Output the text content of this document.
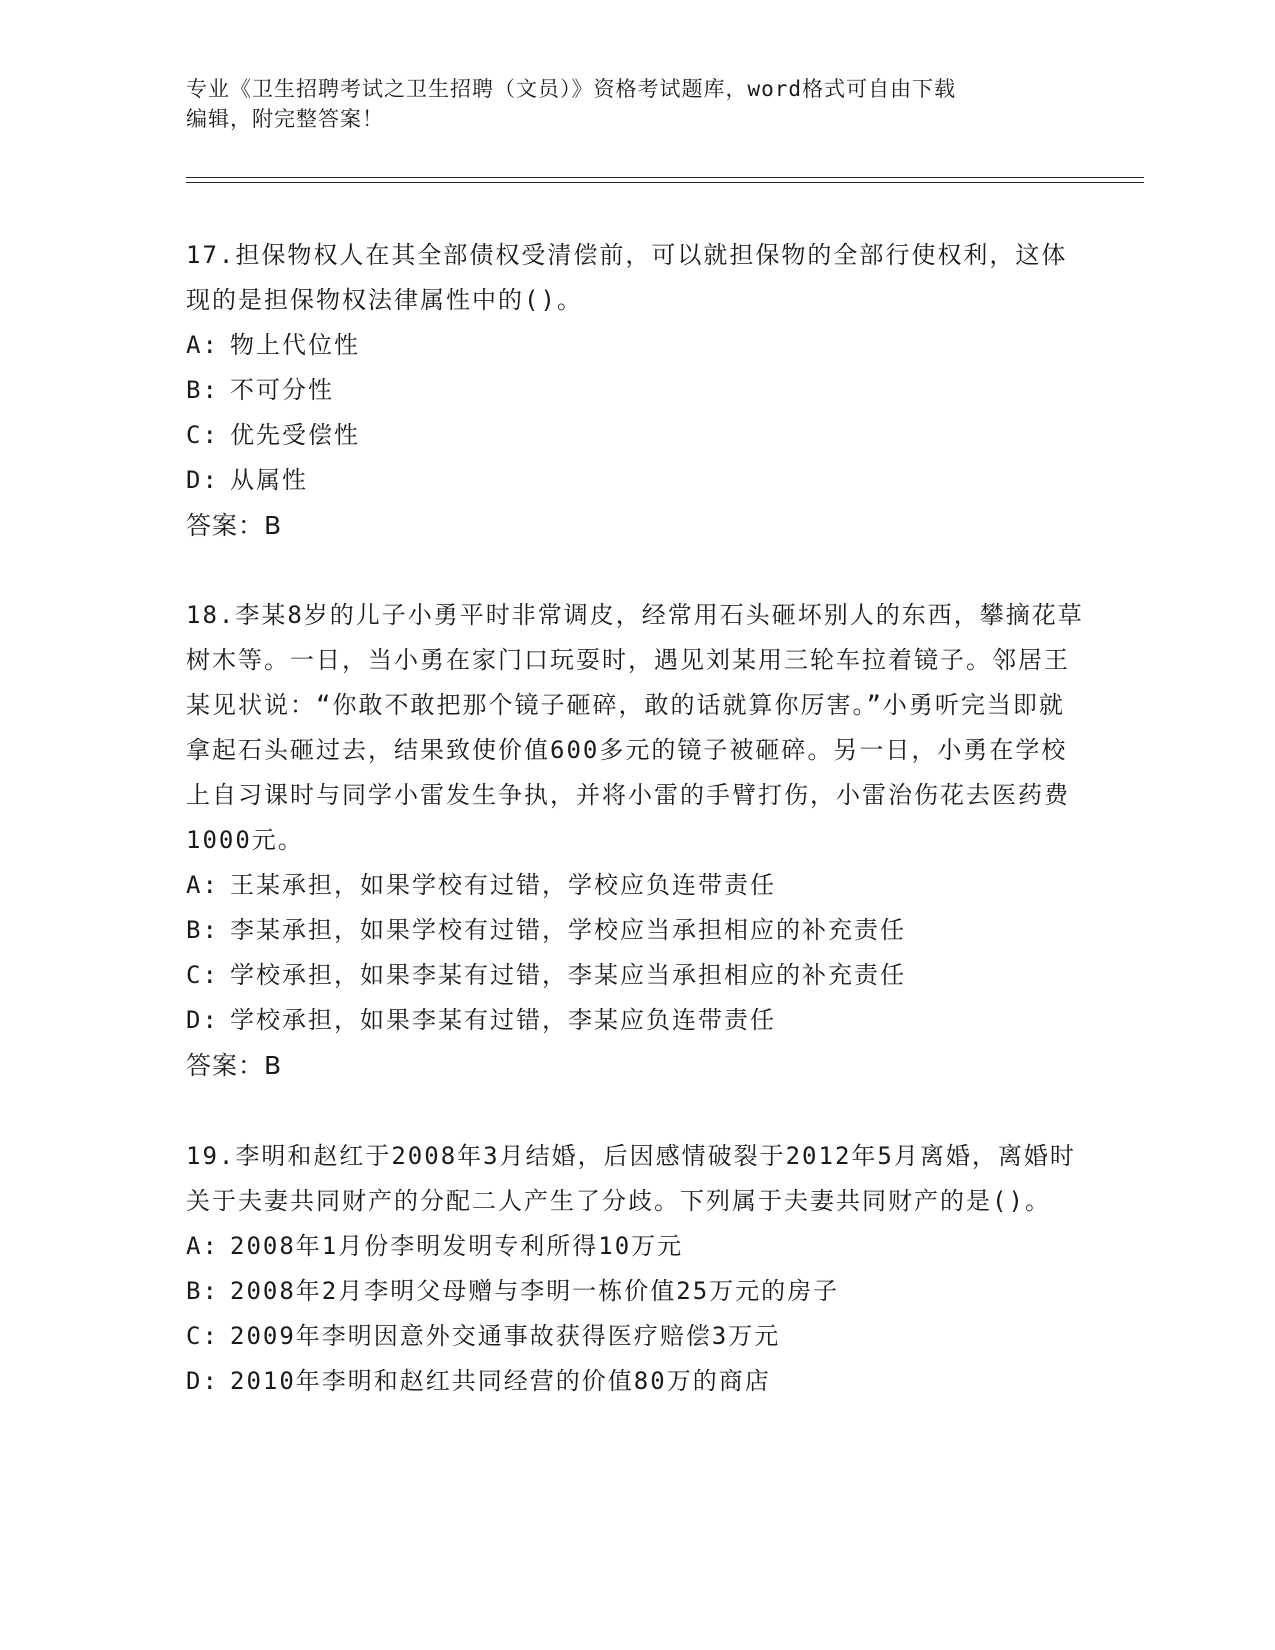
专业《卫生招聘考试之卫生招聘（文员）》资格考试题库，word格式可自由下载
编辑，附完整答案！

17.担保物权人在其全部债权受清偿前，可以就担保物的全部行使权利，这体现的是担保物权法律属性中的()。

A: 物上代位性

B: 不可分性

C: 优先受偿性

D: 从属性

答案：B

18.李某8岁的儿子小勇平时非常调皮，经常用石头砸坏别人的东西，攀摘花草树木等。一日，当小勇在家门口玩耍时，遇见刘某用三轮车拉着镜子。邻居王某见状说：“你敢不敢把那个镜子砸碎，敢的话就算你厉害。”小勇听完当即就拿起石头砸过去，结果致使价值600多元的镜子被砸碎。另一日，小勇在学校上自习课时与同学小雷发生争执，并将小雷的手臂打伤，小雷治伤花去医药费1000元。

A: 王某承担，如果学校有过错，学校应负连带责任

B: 李某承担，如果学校有过错，学校应当承担相应的补充责任

C: 学校承担，如果李某有过错，李某应当承担相应的补充责任

D: 学校承担，如果李某有过错，李某应负连带责任

答案：B

19.李明和赵红于2008年3月结婚，后因感情破裂于2012年5月离婚，离婚时关于夫妻共同财产的分配二人产生了分歧。下列属于夫妻共同财产的是()。

A: 2008年1月份李明发明专利所得10万元

B: 2008年2月李明父母赠与李明一栋价值25万元的房子

C: 2009年李明因意外交通事故获得医疗赔偿3万元

D: 2010年李明和赵红共同经营的价值80万的商店
